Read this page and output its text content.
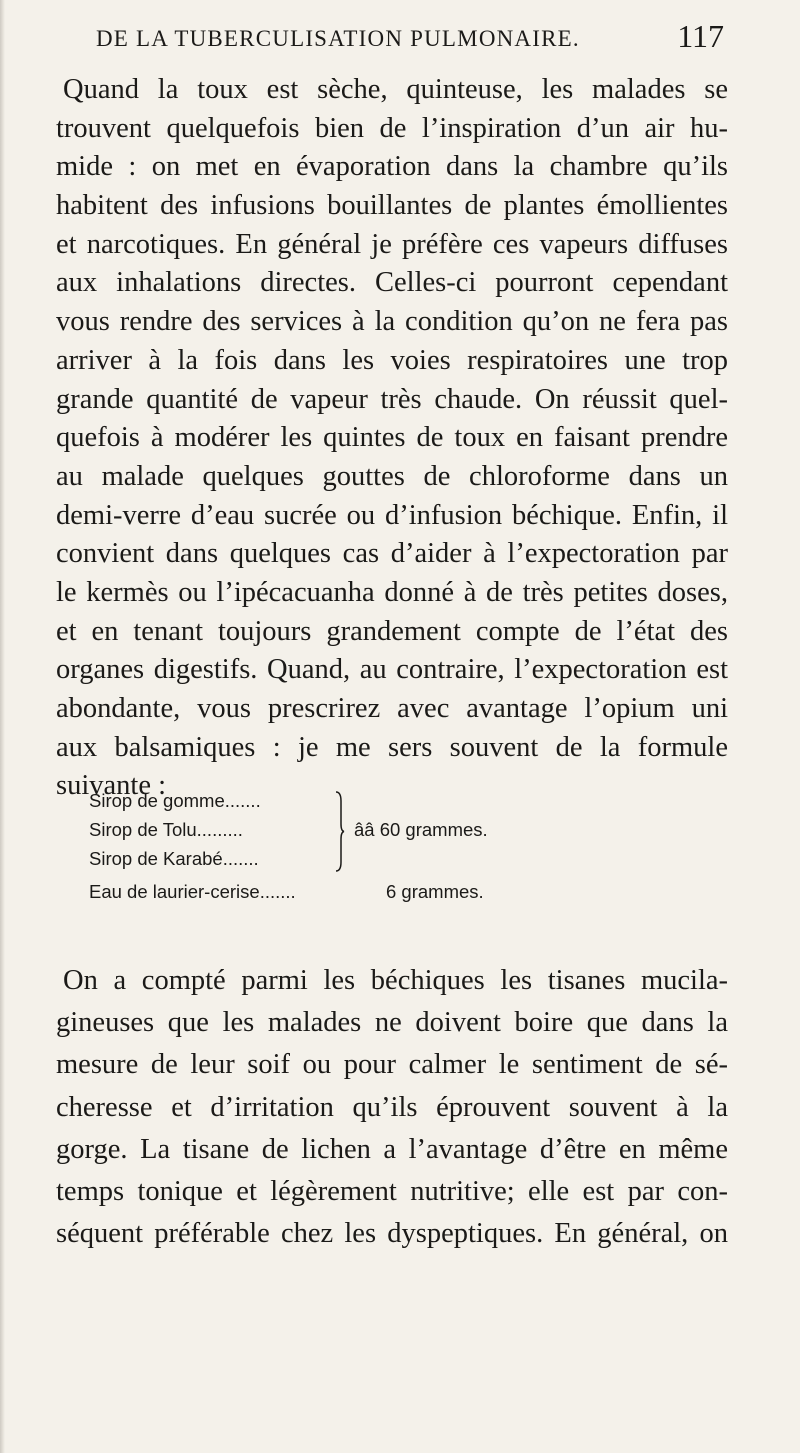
DE LA TUBERCULISATION PULMONAIRE.	117
Quand la toux est sèche, quinteuse, les malades se
trouvent quelquefois bien de l’inspiration d’un air hu-
mide : on met en évaporation dans la chambre qu’ils
habitent des infusions bouillantes de plantes émollientes
et narcotiques. En général je préfère ces vapeurs diffuses
aux inhalations directes. Celles-ci pourront cependant
vous rendre des services à la condition qu’on ne fera pas
arriver à la fois dans les voies respiratoires une trop
grande quantité de vapeur très chaude. On réussit quel-
quefois à modérer les quintes de toux en faisant prendre
au malade quelques gouttes de chloroforme dans un
demi-verre d’eau sucrée ou d’infusion béchique. Enfin, il
convient dans quelques cas d’aider à l’expectoration par
le kermès ou l’ipécacuanha donné à de très petites doses,
et en tenant toujours grandement compte de l’état des
organes digestifs. Quand, au contraire, l’expectoration est
abondante, vous prescrirez avec avantage l’opium uni
aux balsamiques : je me sers souvent de la formule
suivante :
Sirop de gomme.......
Sirop de Tolu.........
Sirop de Karabé.......
ââ 60 grammes.
Eau de laurier-cerise.......	6 grammes.
On a compté parmi les béchiques les tisanes mucila-
gineuses que les malades ne doivent boire que dans la
mesure de leur soif ou pour calmer le sentiment de sé-
cheresse et d’irritation qu’ils éprouvent souvent à la
gorge. La tisane de lichen a l’avantage d’être en même
temps tonique et légèrement nutritive; elle est par con-
séquent préférable chez les dyspeptiques. En général, on
